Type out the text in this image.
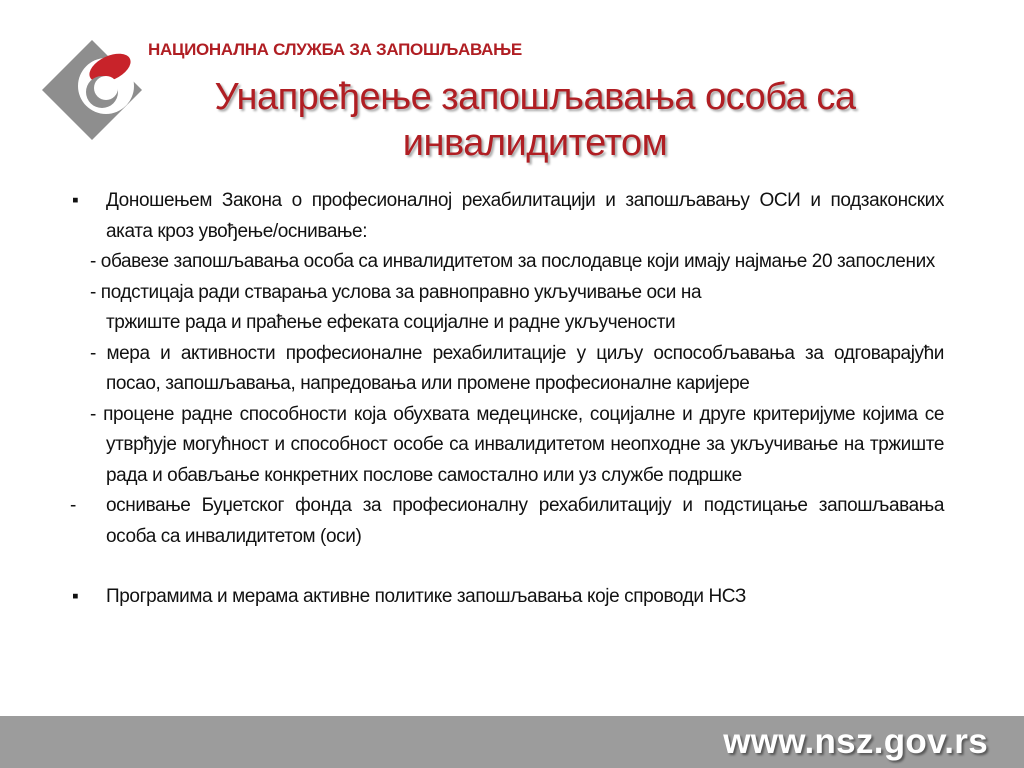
НАЦИОНАЛНА СЛУЖБА ЗА ЗАПОШЉАВАЊЕ
Унапређење запошљавања особа са
инвалидитетом
▪ Доношењем Закона о професионалној рехабилитацији и запошљавању ОСИ и подзаконских аката кроз увођење/оснивање:
- обавезе запошљавања особа са инвалидитетом за послодавце који имају најмање 20 запослених
- подстицаја ради стварања услова за равноправно укључивање оси на
тржиште рада и праћење ефеката социјалне и радне укључености
- мера и активности професионалне рехабилитације у циљу оспособљавања за одговарајући посао, запошљавања, напредовања или промене професионалне каријере
- процене радне способности која обухвата медецинске, социјалне и друге критеријуме којима се утврђује могућност и способност особе са инвалидитетом неопходне за укључивање на тржиште рада и обављање конкретних послове самостално или уз службе подршке
- оснивање Буџетског фонда за професионалну рехабилитацију и подстицање запошљавања особа са инвалидитетом (оси)
▪ Програмима и мерама активне политике запошљавања које спроводи НСЗ
www.nsz.gov.rs
